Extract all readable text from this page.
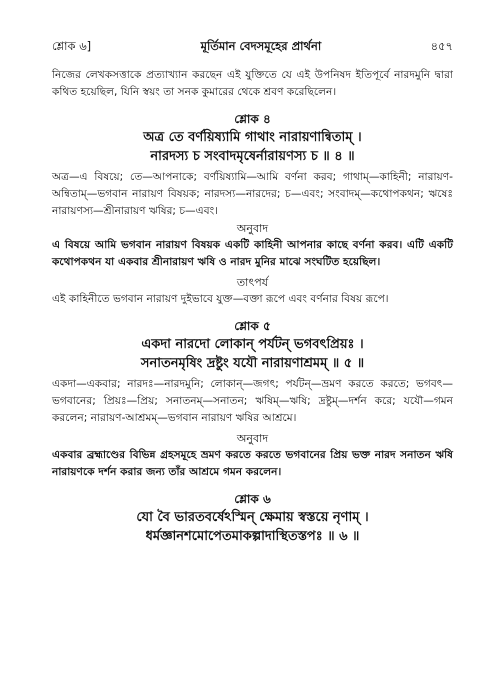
শ্লোক ৬]	মূর্তিমান বেদসমূহের প্রার্থনা	৪৫৭

নিজের লেখকসত্তাকে প্রত্যাখ্যান করছেন এই যুক্তিতে যে এই উপনিষদ ইতিপূর্বে নারদমুনি দ্বারা কথিত হয়েছিল, যিনি স্বয়ং তা সনক কুমারের থেকে শ্রবণ করেছিলেন।

শ্লোক ৪
অত্র তে বর্ণয়িষ্যামি গাথাং নারায়ণান্বিতাম্ ।
নারদস্য চ সংবাদমৃষের্নারায়ণস্য চ ॥ ৪ ॥

অত্র—এ বিষয়ে; তে—আপনাকে; বর্ণয়িষ্যামি—আমি বর্ণনা করব; গাথাম্—কাহিনী; নারায়ণ-অন্বিতাম্—ভগবান নারায়ণ বিষয়ক; নারদস্য—নারদের; চ—এবং; সংবাদম্—কথোপকথন; ঋষেঃ নারায়ণস্য—শ্রীনারায়ণ ঋষির; চ—এবং।

অনুবাদ

এ বিষয়ে আমি ভগবান নারায়ণ বিষয়ক একটি কাহিনী আপনার কাছে বর্ণনা করব। এটি একটি কথোপকথন যা একবার শ্রীনারায়ণ ঋষি ও নারদ মুনির মাঝে সংঘটিত হয়েছিল।

তাৎপর্য

এই কাহিনীতে ভগবান নারায়ণ দুইভাবে যুক্ত—বক্তা রূপে এবং বর্ণনার বিষয় রূপে।

শ্লোক ৫
একদা নারদো লোকান্ পর্যটন্ ভগবৎপ্রিয়ঃ ।
সনাতনমৃষিং দ্রষ্টুং যযৌ নারায়ণাশ্রমম্ ॥ ৫ ॥

একদা—একবার; নারদঃ—নারদমুনি; লোকান্—জগৎ; পর্যটন্—ভ্রমণ করতে করতে; ভগবৎ—ভগবানের; প্রিয়ঃ—প্রিয়; সনাতনম্—সনাতন; ঋষিম্—ঋষি; দ্রষ্টুম্—দর্শন করে; যযৌ—গমন করলেন; নারায়ণ-আশ্রমম্—ভগবান নারায়ণ ঋষির আশ্রমে।

অনুবাদ

একবার ব্রহ্মাণ্ডের বিভিন্ন গ্রহসমূহে ভ্রমণ করতে করতে ভগবানের প্রিয় ভক্ত নারদ সনাতন ঋষি নারায়ণকে দর্শন করার জন্য তাঁর আশ্রমে গমন করলেন।

শ্লোক ৬
যো বৈ ভারতবর্ষেঽস্মিন্ ক্ষেমায় স্বস্তয়ে নৃণাম্ ।
ধর্মজ্ঞানশমোপেতমাকল্পাদাস্থিতস্তপঃ ॥ ৬ ॥
